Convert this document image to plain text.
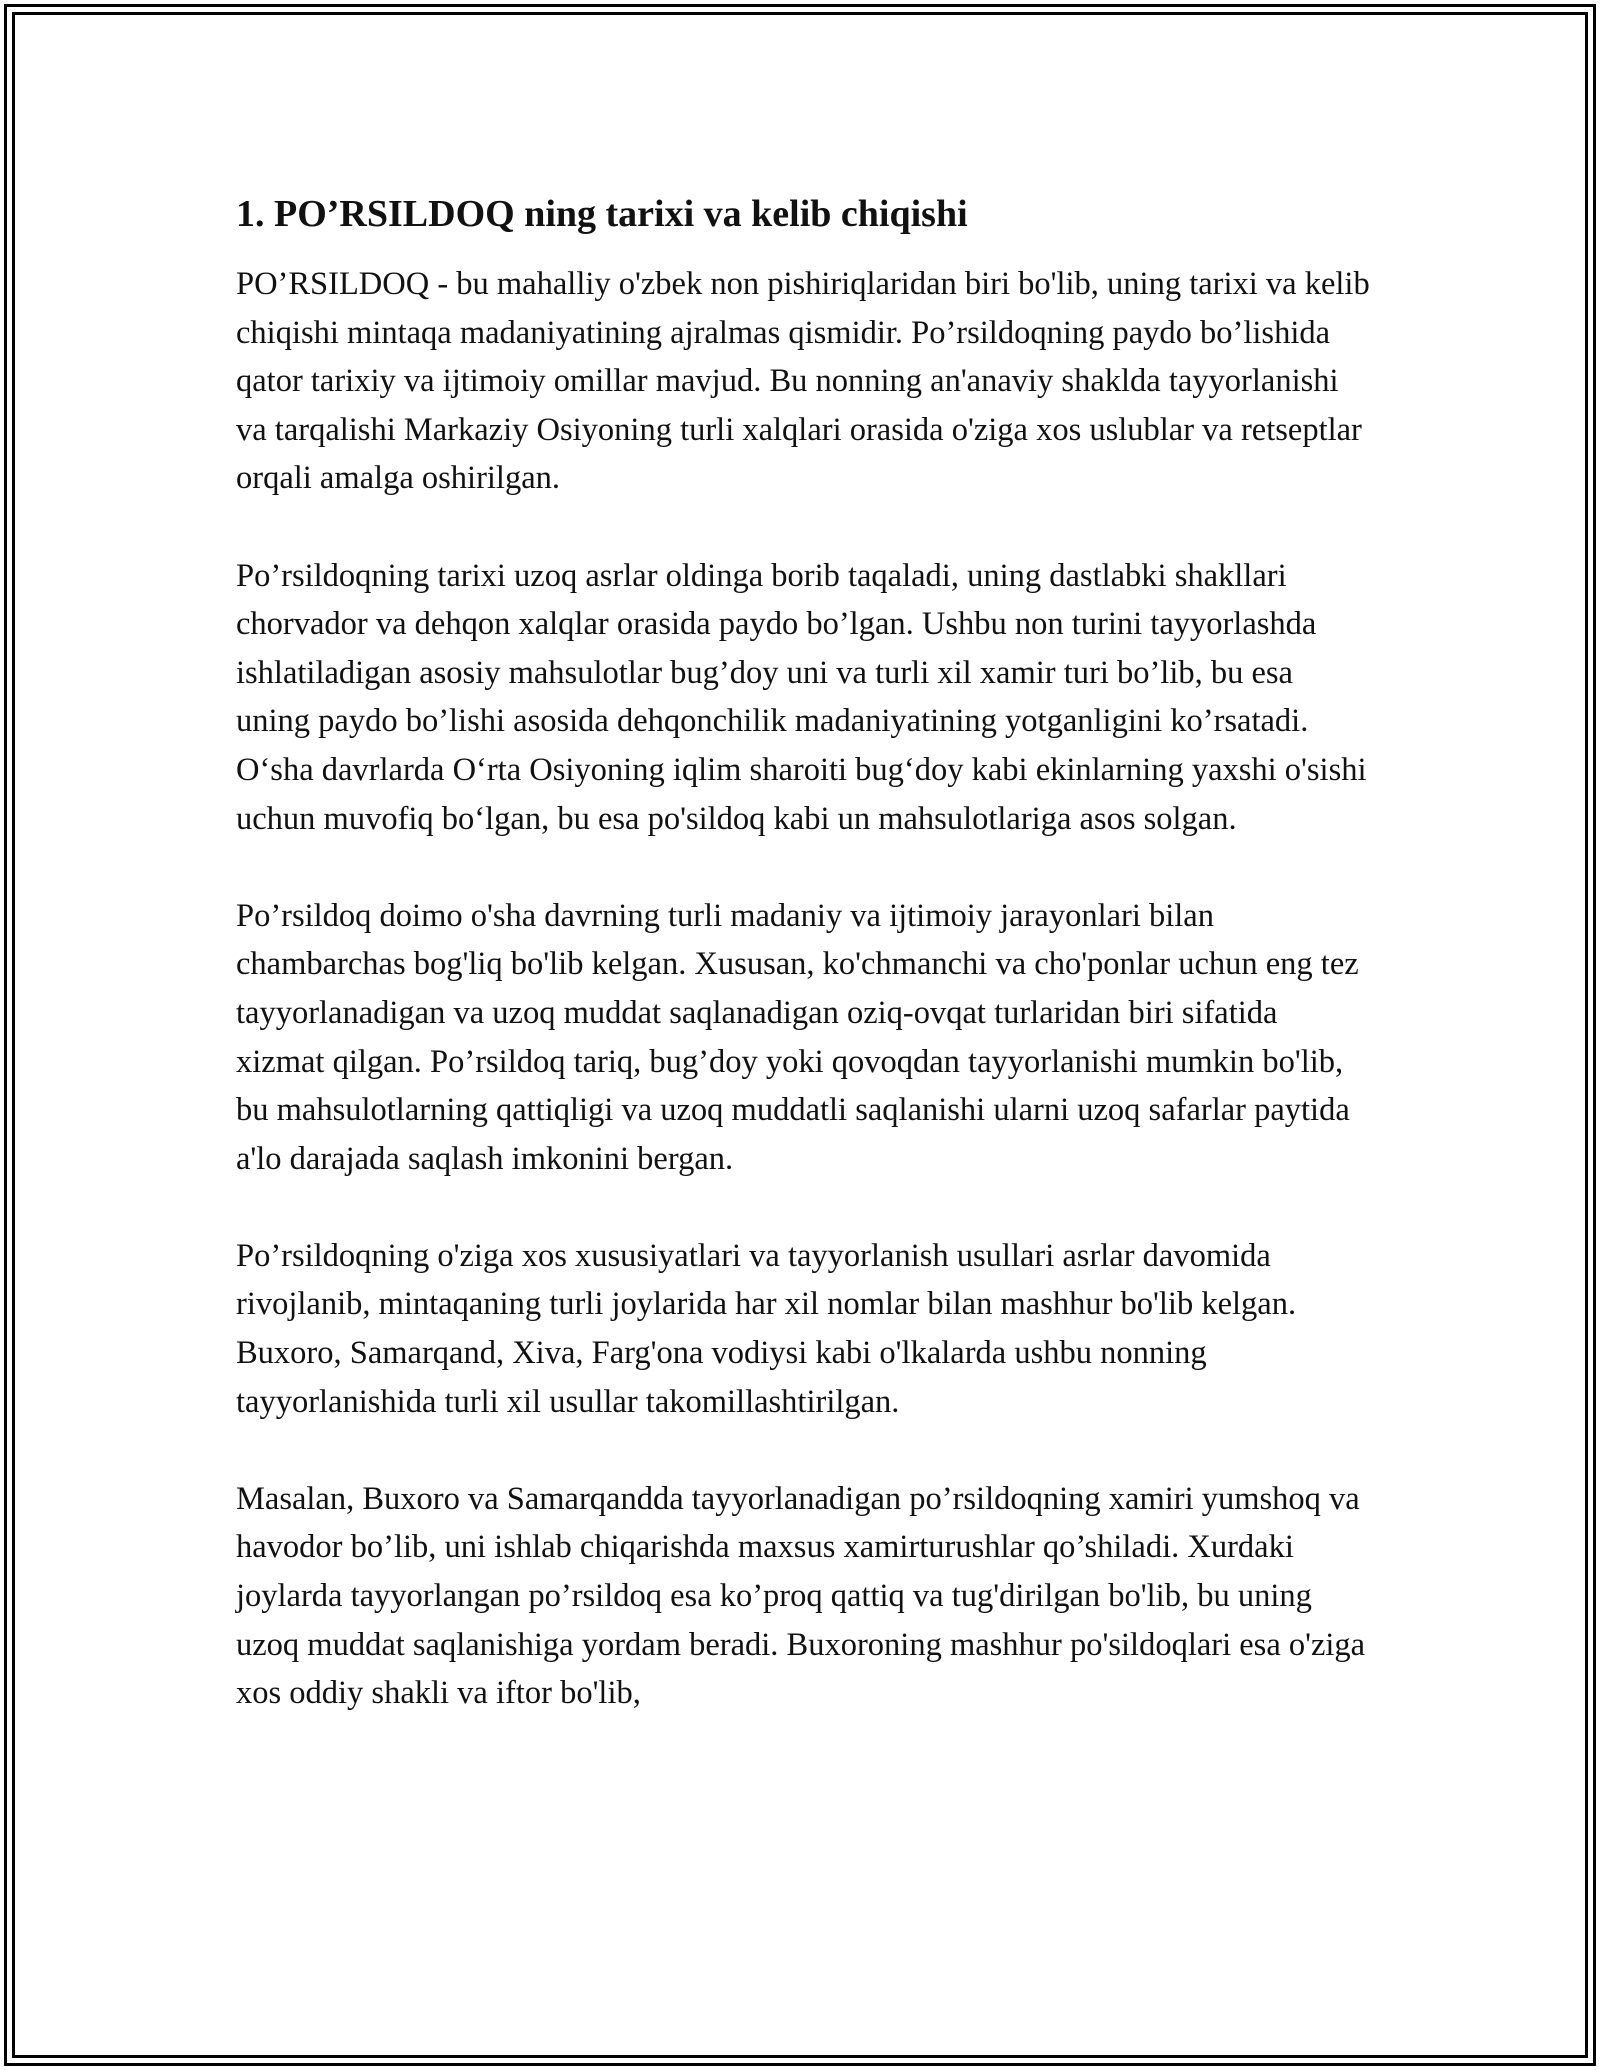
1. PO’RSILDOQ ning tarixi va kelib chiqishi

PO’RSILDOQ - bu mahalliy o'zbek non pishiriqlaridan biri bo'lib, uning tarixi va kelib chiqishi mintaqa madaniyatining ajralmas qismidir. Po’rsildoqning paydo bo’lishida qator tarixiy va ijtimoiy omillar mavjud. Bu nonning an'anaviy shaklda tayyorlanishi va tarqalishi Markaziy Osiyoning turli xalqlari orasida o'ziga xos uslublar va retseptlar orqali amalga oshirilgan.

Po’rsildoqning tarixi uzoq asrlar oldinga borib taqaladi, uning dastlabki shakllari chorvador va dehqon xalqlar orasida paydo bo’lgan. Ushbu non turini tayyorlashda ishlatiladigan asosiy mahsulotlar bug’doy uni va turli xil xamir turi bo’lib, bu esa uning paydo bo’lishi asosida dehqonchilik madaniyatining yotganligini ko’rsatadi. O‘sha davrlarda O‘rta Osiyoning iqlim sharoiti bug‘doy kabi ekinlarning yaxshi o'sishi uchun muvofiq bo‘lgan, bu esa po'sildoq kabi un mahsulotlariga asos solgan.

Po’rsildoq doimo o'sha davrning turli madaniy va ijtimoiy jarayonlari bilan chambarchas bog'liq bo'lib kelgan. Xususan, ko'chmanchi va cho'ponlar uchun eng tez tayyorlanadigan va uzoq muddat saqlanadigan oziq-ovqat turlaridan biri sifatida xizmat qilgan. Po’rsildoq tariq, bug’doy yoki qovoqdan tayyorlanishi mumkin bo'lib, bu mahsulotlarning qattiqligi va uzoq muddatli saqlanishi ularni uzoq safarlar paytida a'lo darajada saqlash imkonini bergan.

Po’rsildoqning o'ziga xos xususiyatlari va tayyorlanish usullari asrlar davomida rivojlanib, mintaqaning turli joylarida har xil nomlar bilan mashhur bo'lib kelgan. Buxoro, Samarqand, Xiva, Farg'ona vodiysi kabi o'lkalarda ushbu nonning tayyorlanishida turli xil usullar takomillashtirilgan.

Masalan, Buxoro va Samarqandda tayyorlanadigan po’rsildoqning xamiri yumshoq va havodor bo’lib, uni ishlab chiqarishda maxsus xamirturushlar qo’shiladi. Xurdaki joylarda tayyorlangan po’rsildoq esa ko’proq qattiq va tug'dirilgan bo'lib, bu uning uzoq muddat saqlanishiga yordam beradi. Buxoroning mashhur po'sildoqlari esa o'ziga xos oddiy shakli va iftor bo'lib,
